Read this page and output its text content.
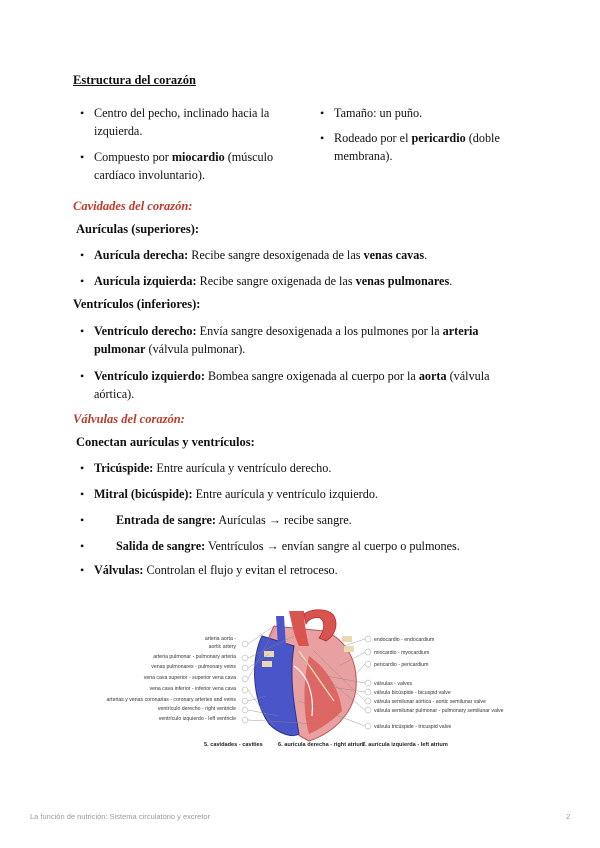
Estructura del corazón
• Centro del pecho, inclinado hacia la izquierda.
• Compuesto por miocardio (músculo cardíaco involuntario).
• Tamaño: un puño.
• Rodeado por el pericardio (doble membrana).
Cavidades del corazón:
Aurículas (superiores):
• Aurícula derecha: Recibe sangre desoxigenada de las venas cavas.
• Aurícula izquierda: Recibe sangre oxigenada de las venas pulmonares.
Ventrículos (inferiores):
• Ventrículo derecho: Envía sangre desoxigenada a los pulmones por la arteria pulmonar (válvula pulmonar).
• Ventrículo izquierdo: Bombea sangre oxigenada al cuerpo por la aorta (válvula aórtica).
Válvulas del corazón:
Conectan aurículas y ventrículos:
• Tricúspide: Entre aurícula y ventrículo derecho.
• Mitral (bicúspide): Entre aurícula y ventrículo izquierdo.
• Entrada de sangre: Aurículas → recibe sangre.
• Salida de sangre: Ventrículos → envían sangre al cuerpo o pulmones.
• Válvulas: Controlan el flujo y evitan el retroceso.
arteria aorta -
aortic artery
arteria pulmonar - pulmonary arteria
venas pulmonares - pulmonary veins
vena cava superior - superior vena cava
vena cava inferior - inferior vena cava
arterias y venas coronarias - coronary arteries and veins
ventrículo derecho - right ventricle
ventrículo izquierdo - left ventricle
endocardio - endocardium
miocardio - myocardium
pericardio - pericardium
válvulas - valves
válvula bicúspide - bicuspid valve
válvula semilunar aórtica - aortic semilunar valve
válvula semilunar pulmonar - pulmonary semilunar valve
válvula tricúspide - tricuspid valve
5. cavidades - cavities	6. aurícula derecha - right atrium
7. aurícula izquierda - left atrium
La función de nutrición: Sistema circulatorio y excretor	2
